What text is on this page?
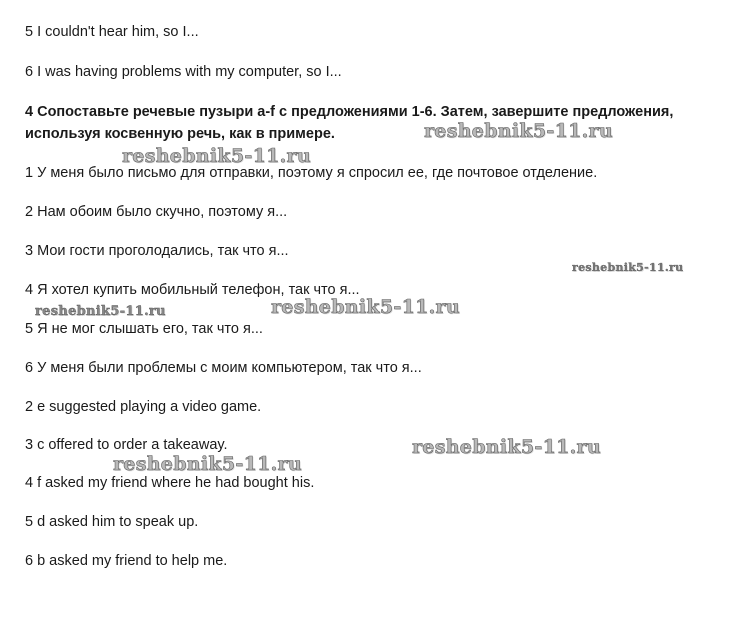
5 I couldn't hear him, so I...
6 I was having problems with my computer, so I...
4 Сопоставьте речевые пузыри a-f с предложениями 1-6. Затем, завершите предложения,
используя косвенную речь, как в примере.
1 У меня было письмо для отправки, поэтому я спросил ее, где почтовое отделение.
2 Нам обоим было скучно, поэтому я...
3 Мои гости проголодались, так что я...
4 Я хотел купить мобильный телефон, так что я...
5 Я не мог слышать его, так что я...
6 У меня были проблемы с моим компьютером, так что я...
2 e suggested playing a video game.
3 c offered to order a takeaway.
4 f asked my friend where he had bought his.
5 d asked him to speak up.
6 b asked my friend to help me.
reshebnik5-11.ru
reshebnik5-11.ru
reshebnik5-11.ru
reshebnik5-11.ru
reshebnik5-11.ru
reshebnik5-11.ru
reshebnik5-11.ru
